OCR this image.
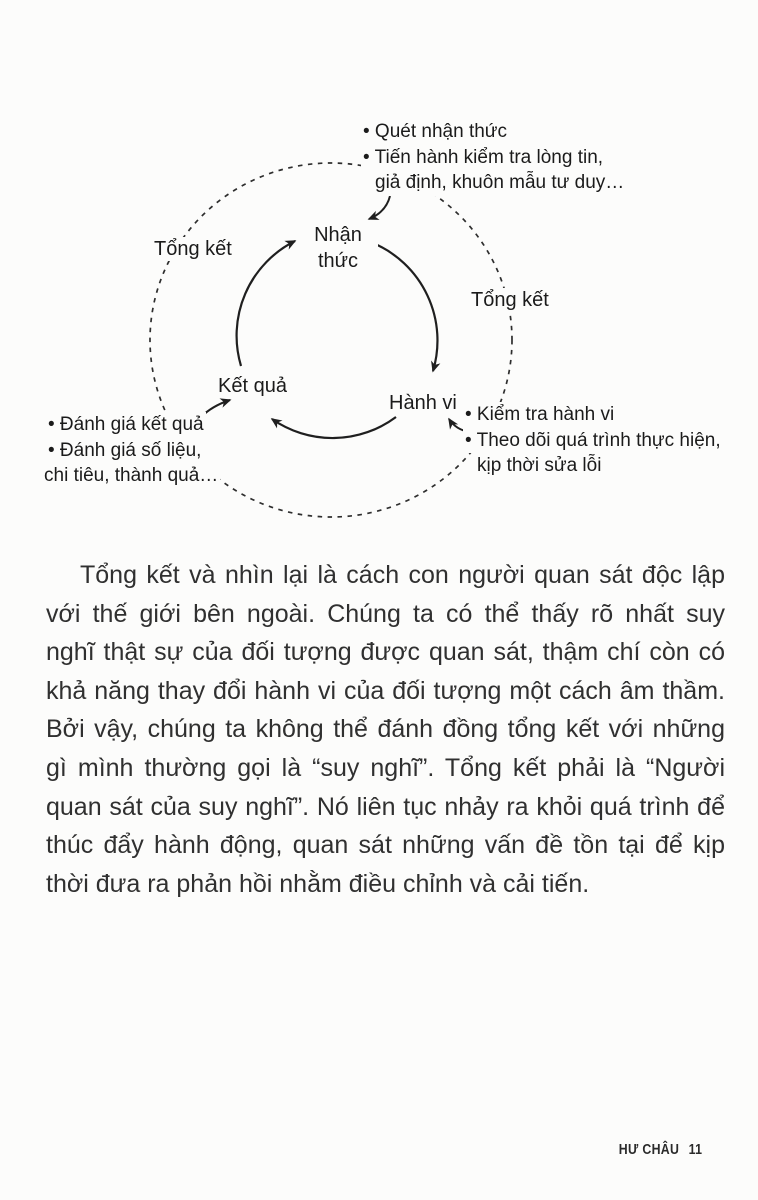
• Quét nhận thức
• Tiến hành kiểm tra lòng tin,
giả định, khuôn mẫu tư duy…
Tổng kết
Tổng kết
Nhận thức
Kết quả
Hành vi
• Đánh giá kết quả
• Đánh giá số liệu,
chi tiêu, thành quả…
• Kiểm tra hành vi
• Theo dõi quá trình thực hiện,
kịp thời sửa lỗi
Tổng kết và nhìn lại là cách con người quan sát độc lập
với thế giới bên ngoài. Chúng ta có thể thấy rõ nhất suy
nghĩ thật sự của đối tượng được quan sát, thậm chí còn có
khả năng thay đổi hành vi của đối tượng một cách âm thầm.
Bởi vậy, chúng ta không thể đánh đồng tổng kết với những
gì mình thường gọi là “suy nghĩ”. Tổng kết phải là “Người
quan sát của suy nghĩ”. Nó liên tục nhảy ra khỏi quá trình để
thúc đẩy hành động, quan sát những vấn đề tồn tại để kịp
thời đưa ra phản hồi nhằm điều chỉnh và cải tiến.
HƯ CHÂU 11
